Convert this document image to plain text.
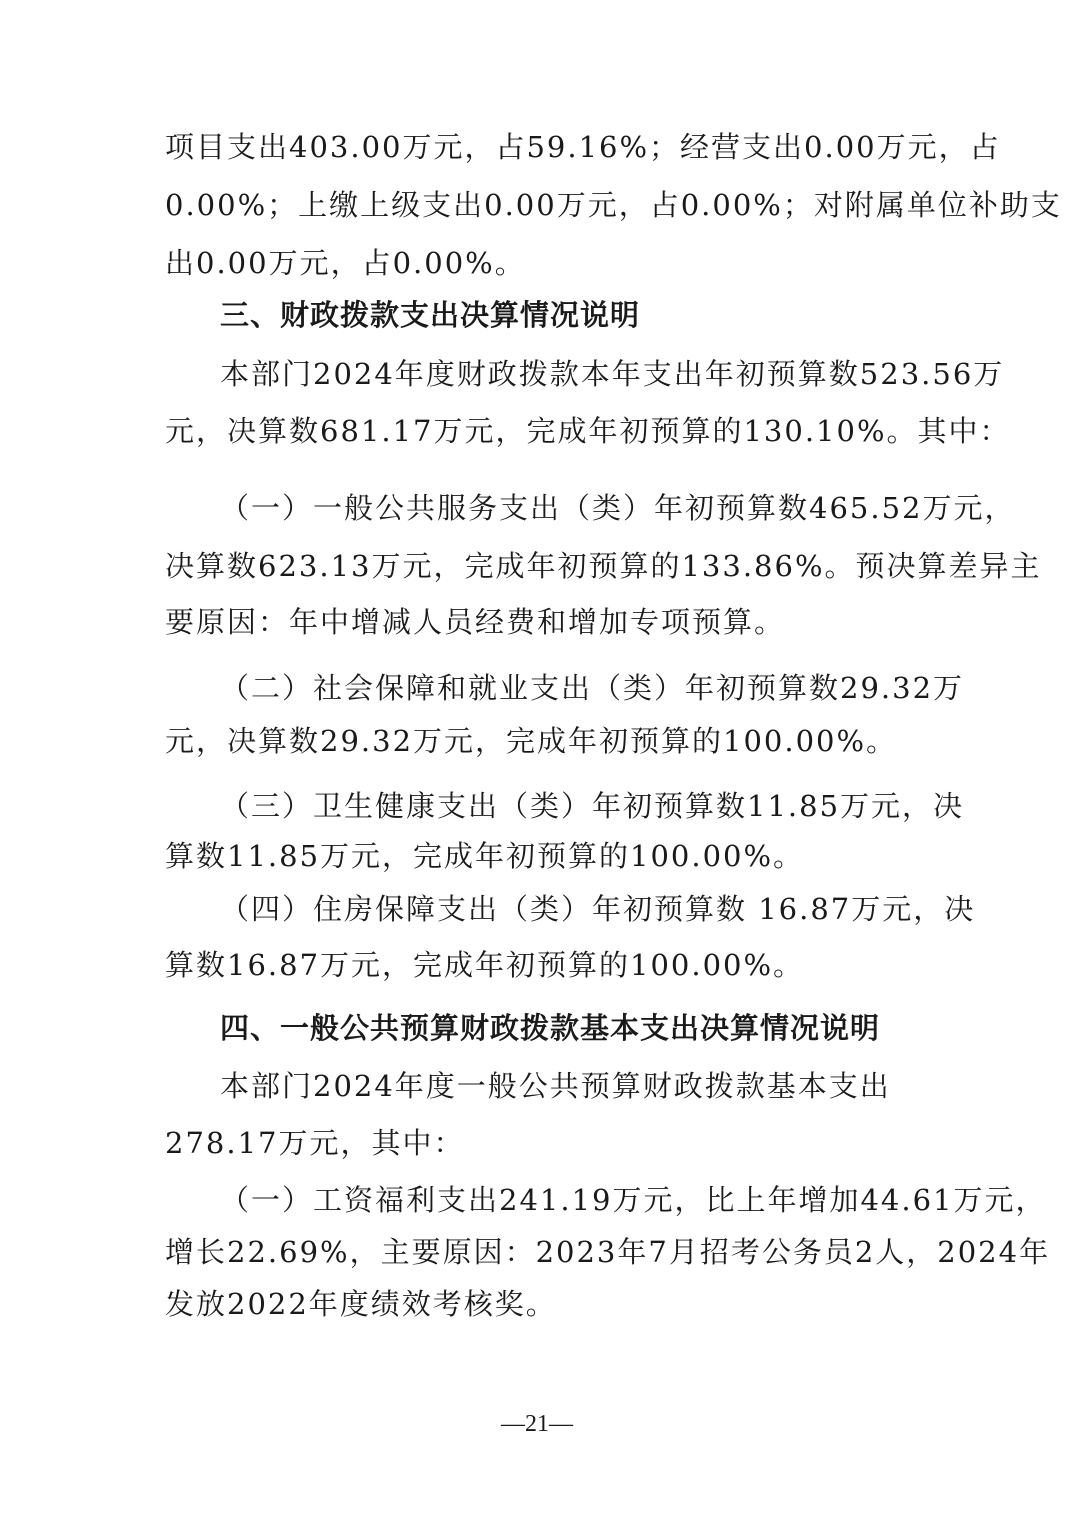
项目支出403.00万元，占59.16%；经营支出0.00万元，占
0.00%；上缴上级支出0.00万元，占0.00%；对附属单位补助支
出0.00万元，占0.00%。
三、财政拨款支出决算情况说明
本部门2024年度财政拨款本年支出年初预算数523.56万
元，决算数681.17万元，完成年初预算的130.10%。其中：
（一）一般公共服务支出（类）年初预算数465.52万元，
决算数623.13万元，完成年初预算的133.86%。预决算差异主
要原因：年中增减人员经费和增加专项预算。
（二）社会保障和就业支出（类）年初预算数29.32万
元，决算数29.32万元，完成年初预算的100.00%。
（三）卫生健康支出（类）年初预算数11.85万元，决
算数11.85万元，完成年初预算的100.00%。
（四）住房保障支出（类）年初预算数 16.87万元，决
算数16.87万元，完成年初预算的100.00%。
四、一般公共预算财政拨款基本支出决算情况说明
本部门2024年度一般公共预算财政拨款基本支出
278.17万元，其中：
（一）工资福利支出241.19万元，比上年增加44.61万元，
增长22.69%，主要原因：2023年7月招考公务员2人，2024年
发放2022年度绩效考核奖。
—21—
